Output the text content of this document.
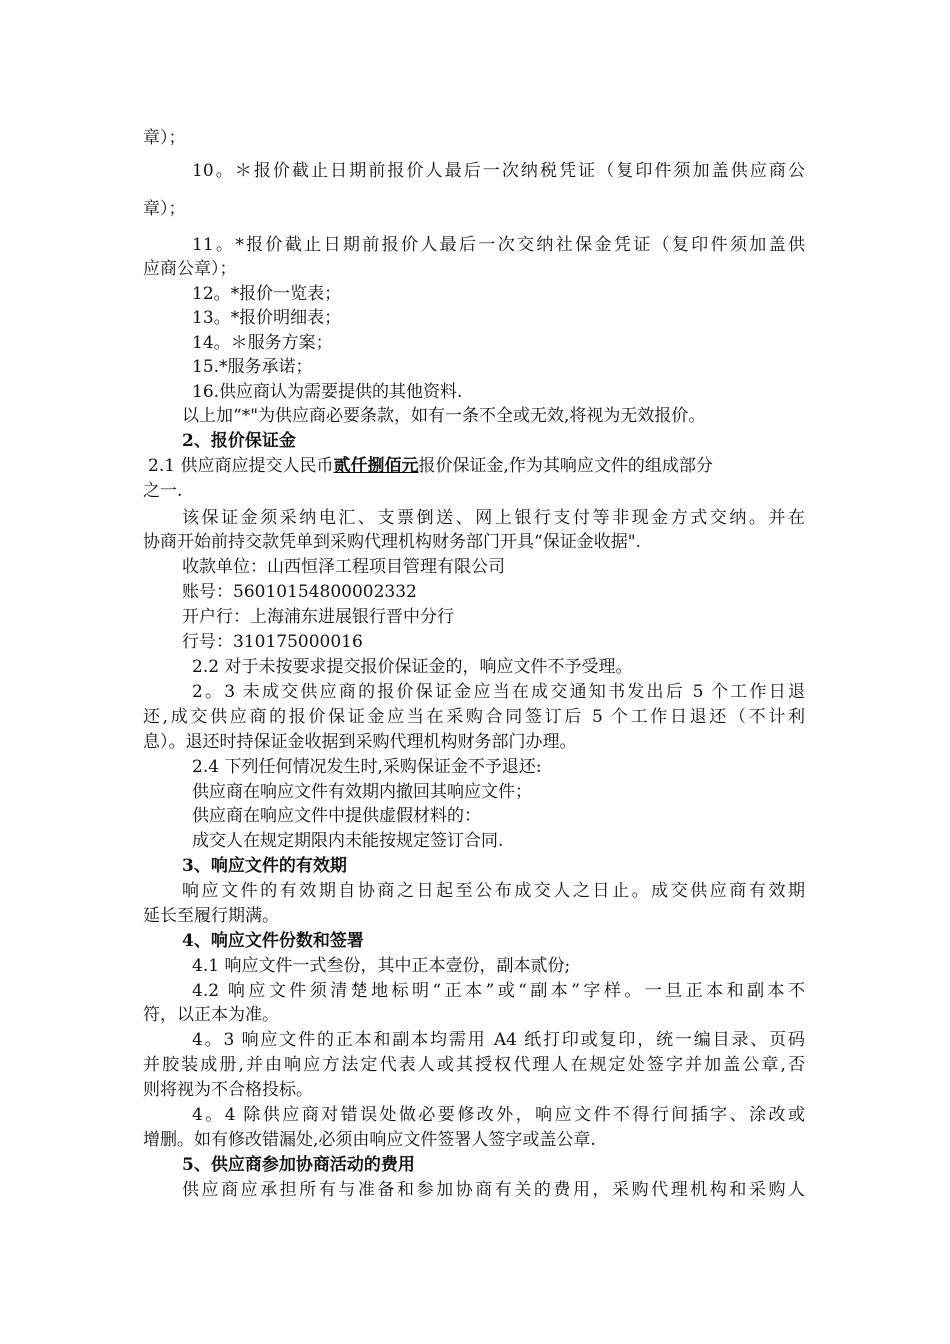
章）；
10。＊报价截止日期前报价人最后一次纳税凭证（复印件须加盖供应商公
章）；
11。*报价截止日期前报价人最后一次交纳社保金凭证（复印件须加盖供
应商公章）；
12。*报价一览表；
13。*报价明细表；
14。＊服务方案；
15.*服务承诺；
16.供应商认为需要提供的其他资料.
以上加“*"为供应商必要条款，如有一条不全或无效,将视为无效报价。
2、报价保证金
2.1 供应商应提交人民币贰仟捌佰元报价保证金,作为其响应文件的组成部分
之一.
该保证金须采纳电汇、支票倒送、网上银行支付等非现金方式交纳。并在
协商开始前持交款凭单到采购代理机构财务部门开具“保证金收据".
收款单位：山西恒泽工程项目管理有限公司
账号：56010154800002332
开户行：上海浦东进展银行晋中分行
行号：310175000016
2.2 对于未按要求提交报价保证金的，响应文件不予受理。
2。3 未成交供应商的报价保证金应当在成交通知书发出后 5 个工作日退
还,成交供应商的报价保证金应当在采购合同签订后 5 个工作日退还（不计利
息）。退还时持保证金收据到采购代理机构财务部门办理。
2.4 下列任何情况发生时,采购保证金不予退还:
供应商在响应文件有效期内撤回其响应文件；
供应商在响应文件中提供虚假材料的：
成交人在规定期限内未能按规定签订合同.
3、响应文件的有效期
响应文件的有效期自协商之日起至公布成交人之日止。成交供应商有效期
延长至履行期满。
4、响应文件份数和签署
4.1 响应文件一式叁份，其中正本壹份，副本贰份;
4.2 响应文件须清楚地标明“正本”或“副本”字样。一旦正本和副本不
符，以正本为准。
4。3 响应文件的正本和副本均需用 A4 纸打印或复印，统一编目录、页码
并胶装成册,并由响应方法定代表人或其授权代理人在规定处签字并加盖公章,否
则将视为不合格投标。
4。4 除供应商对错误处做必要修改外，响应文件不得行间插字、涂改或
增删。如有修改错漏处,必须由响应文件签署人签字或盖公章.
5、供应商参加协商活动的费用
供应商应承担所有与准备和参加协商有关的费用，采购代理机构和采购人
